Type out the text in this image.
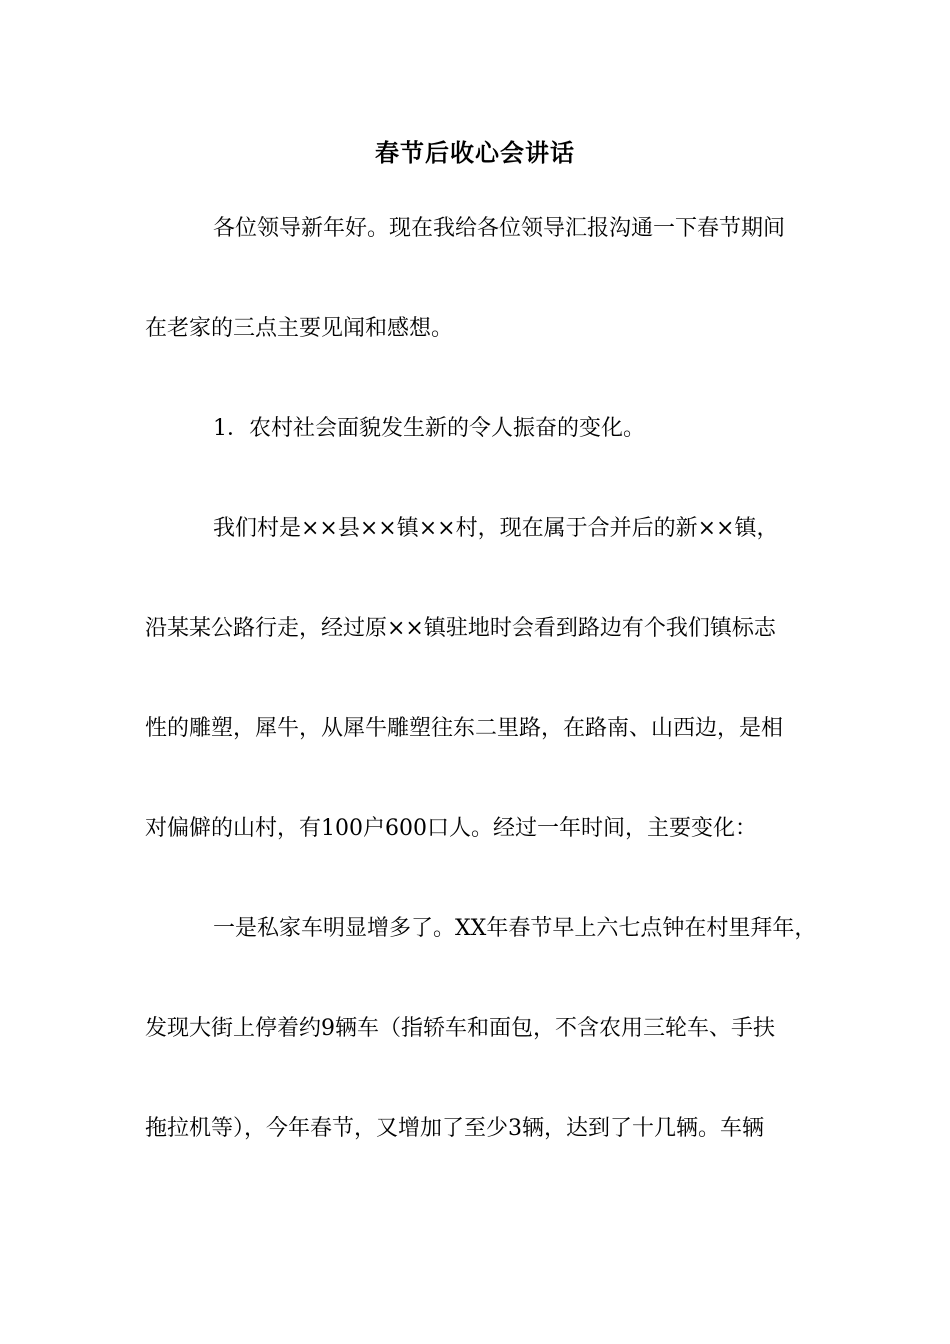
春节后收心会讲话
各位领导新年好。现在我给各位领导汇报沟通一下春节期间
在老家的三点主要见闻和感想。
1．农村社会面貌发生新的令人振奋的变化。
我们村是××县××镇××村，现在属于合并后的新××镇，
沿某某公路行走，经过原××镇驻地时会看到路边有个我们镇标志
性的雕塑，犀牛，从犀牛雕塑往东二里路，在路南、山西边，是相
对偏僻的山村，有100户600口人。经过一年时间，主要变化：
一是私家车明显增多了。XX年春节早上六七点钟在村里拜年，
发现大街上停着约9辆车（指轿车和面包，不含农用三轮车、手扶
拖拉机等），今年春节，又增加了至少3辆，达到了十几辆。车辆
